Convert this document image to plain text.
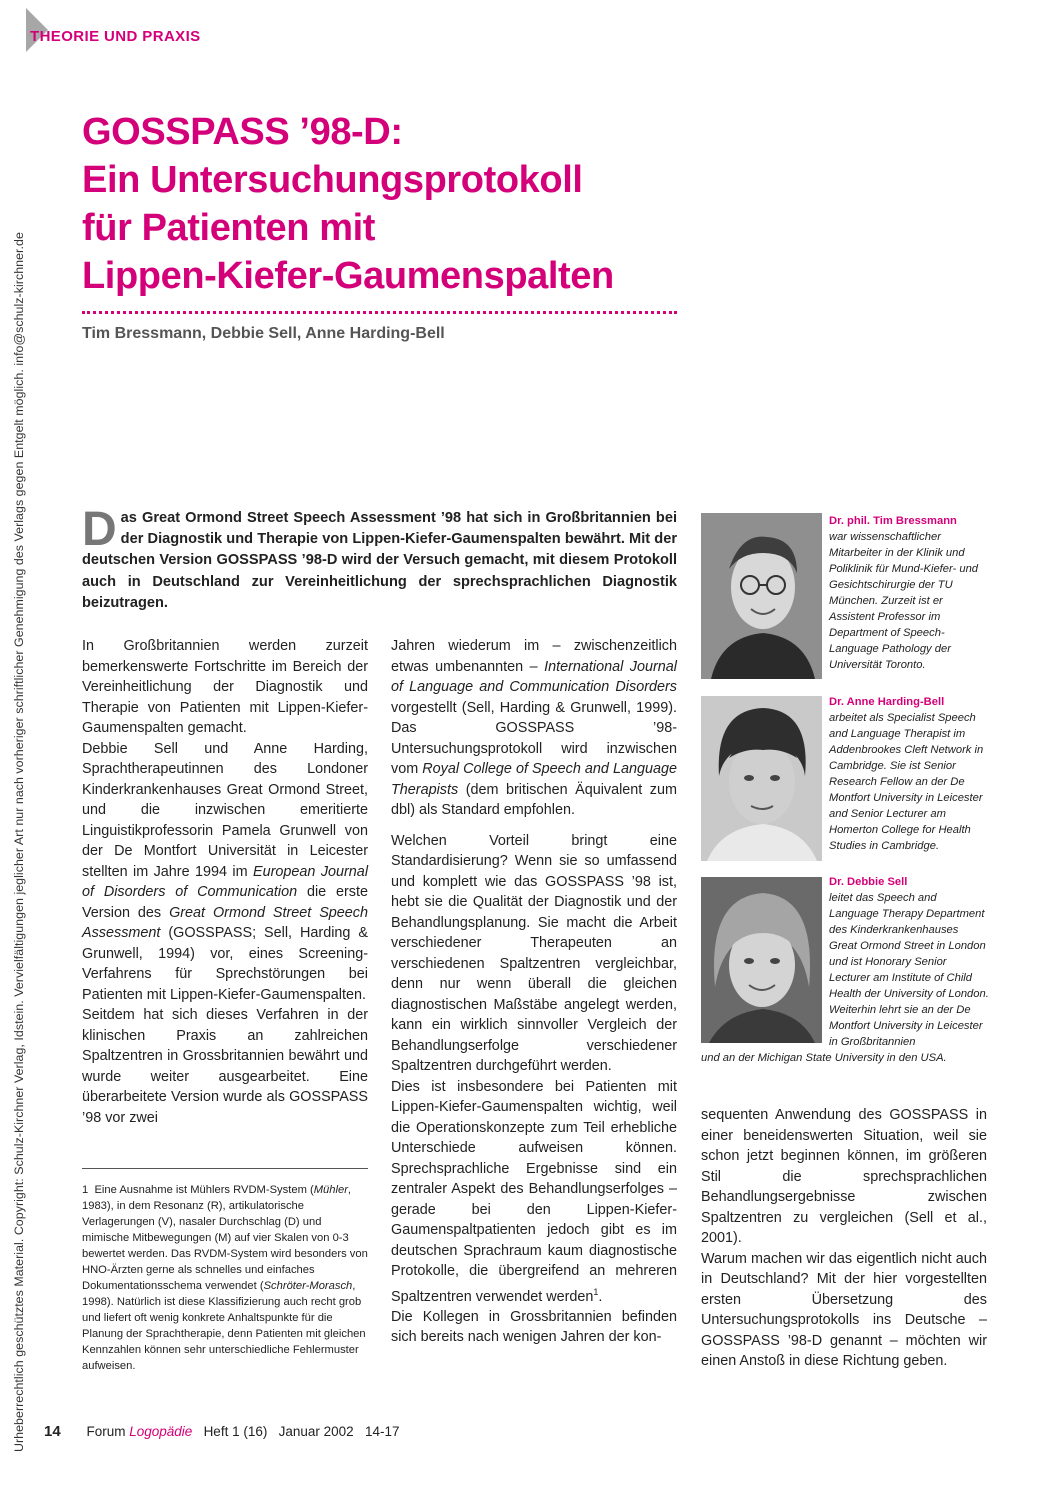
Urheberrechtlich geschütztes Material. Copyright: Schulz-Kirchner Verlag, Idstein. Vervielfältigungen jeglicher Art nur nach vorheriger schriftlicher Genehmigung des Verlags gegen Entgelt möglich. info@schulz-kirchner.de
THEORIE UND PRAXIS
GOSSPASS ’98-D:
Ein Untersuchungsprotokoll
für Patienten mit
Lippen-Kiefer-Gaumenspalten
Tim Bressmann, Debbie Sell, Anne Harding-Bell

Das Great Ormond Street Speech Assessment ’98 hat sich in Großbritannien bei der Diagnostik und Therapie von Lippen-Kiefer-Gaumenspalten bewährt. Mit der deutschen Version GOSSPASS ’98-D wird der Versuch gemacht, mit diesem Protokoll auch in Deutschland zur Vereinheitlichung der sprechsprachlichen Diagnostik beizutragen.

In Großbritannien werden zurzeit bemerkenswerte Fortschritte im Bereich der Vereinheitlichung der Diagnostik und Therapie von Patienten mit Lippen-Kiefer-Gaumenspalten gemacht.

Debbie Sell und Anne Harding, Sprachtherapeutinnen des Londoner Kinderkrankenhauses Great Ormond Street, und die inzwischen emeritierte Linguistikprofessorin Pamela Grunwell von der De Montfort Universität in Leicester stellten im Jahre 1994 im European Journal of Disorders of Communication die erste Version des Great Ormond Street Speech Assessment (GOSSPASS; Sell, Harding & Grunwell, 1994) vor, eines Screening-Verfahrens für Sprechstörungen bei Patienten mit Lippen-Kiefer-Gaumenspalten.

Seitdem hat sich dieses Verfahren in der klinischen Praxis an zahlreichen Spaltzentren in Grossbritannien bewährt und wurde weiter ausgearbeitet. Eine überarbeitete Version wurde als GOSSPASS ’98 vor zwei

1 Eine Ausnahme ist Mühlers RVDM-System (Mühler, 1983), in dem Resonanz (R), artikulatorische Verlagerungen (V), nasaler Durchschlag (D) und mimische Mitbewegungen (M) auf vier Skalen von 0-3 bewertet werden. Das RVDM-System wird besonders von HNO-Ärzten gerne als schnelles und einfaches Dokumentationsschema verwendet (Schröter-Morasch, 1998). Natürlich ist diese Klassifizierung auch recht grob und liefert oft wenig konkrete Anhaltspunkte für die Planung der Sprachtherapie, denn Patienten mit gleichen Kennzahlen können sehr unterschiedliche Fehlermuster aufweisen.

Jahren wiederum im – zwischenzeitlich etwas umbenannten – International Journal of Language and Communication Disorders vorgestellt (Sell, Harding & Grunwell, 1999). Das GOSSPASS ’98-Untersuchungsprotokoll wird inzwischen vom Royal College of Speech and Language Therapists (dem britischen Äquivalent zum dbl) als Standard empfohlen.

Welchen Vorteil bringt eine Standardisierung? Wenn sie so umfassend und komplett wie das GOSSPASS ’98 ist, hebt sie die Qualität der Diagnostik und der Behandlungsplanung. Sie macht die Arbeit verschiedener Therapeuten an verschiedenen Spaltzentren vergleichbar, denn nur wenn überall die gleichen diagnostischen Maßstäbe angelegt werden, kann ein wirklich sinnvoller Vergleich der Behandlungserfolge verschiedener Spaltzentren durchgeführt werden.

Dies ist insbesondere bei Patienten mit Lippen-Kiefer-Gaumenspalten wichtig, weil die Operationskonzepte zum Teil erhebliche Unterschiede aufweisen können. Sprechsprachliche Ergebnisse sind ein zentraler Aspekt des Behandlungserfolges – gerade bei den Lippen-Kiefer-Gaumenspaltpatienten jedoch gibt es im deutschen Sprachraum kaum diagnostische Protokolle, die übergreifend an mehreren Spaltzentren verwendet werden$^1$.

Die Kollegen in Grossbritannien befinden sich bereits nach wenigen Jahren der kon-

sequenten Anwendung des GOSSPASS in einer beneidenswerten Situation, weil sie schon jetzt beginnen können, im größeren Stil die sprechsprachlichen Behandlungsergebnisse zwischen Spaltzentren zu vergleichen (Sell et al., 2001).

Warum machen wir das eigentlich nicht auch in Deutschland? Mit der hier vorgestellten ersten Übersetzung des Untersuchungsprotokolls ins Deutsche – GOSSPASS ’98-D genannt – möchten wir einen Anstoß in diese Richtung geben.

Dr. phil. Tim Bressmann
war wissenschaftlicher Mitarbeiter in der Klinik und Poliklinik für Mund-Kiefer- und Gesichtschirurgie der TU München. Zurzeit ist er Assistent Professor im Department of Speech-Language Pathology der Universität Toronto.
Dr. Anne Harding-Bell
arbeitet als Specialist Speech and Language Therapist im Addenbrookes Cleft Network in Cambridge. Sie ist Senior Research Fellow an der De Montfort University in Leicester and Senior Lecturer am Homerton College for Health Studies in Cambridge.
Dr. Debbie Sell
leitet das Speech and Language Therapy Department des Kinderkrankenhauses Great Ormond Street in London und ist Honorary Senior Lecturer am Institute of Child Health der University of London. Weiterhin lehrt sie an der De Montfort University in Leicester in Großbritannien
und an der Michigan State University in den USA.
14 Forum Logopädie Heft 1 (16) Januar 2002 14-17
